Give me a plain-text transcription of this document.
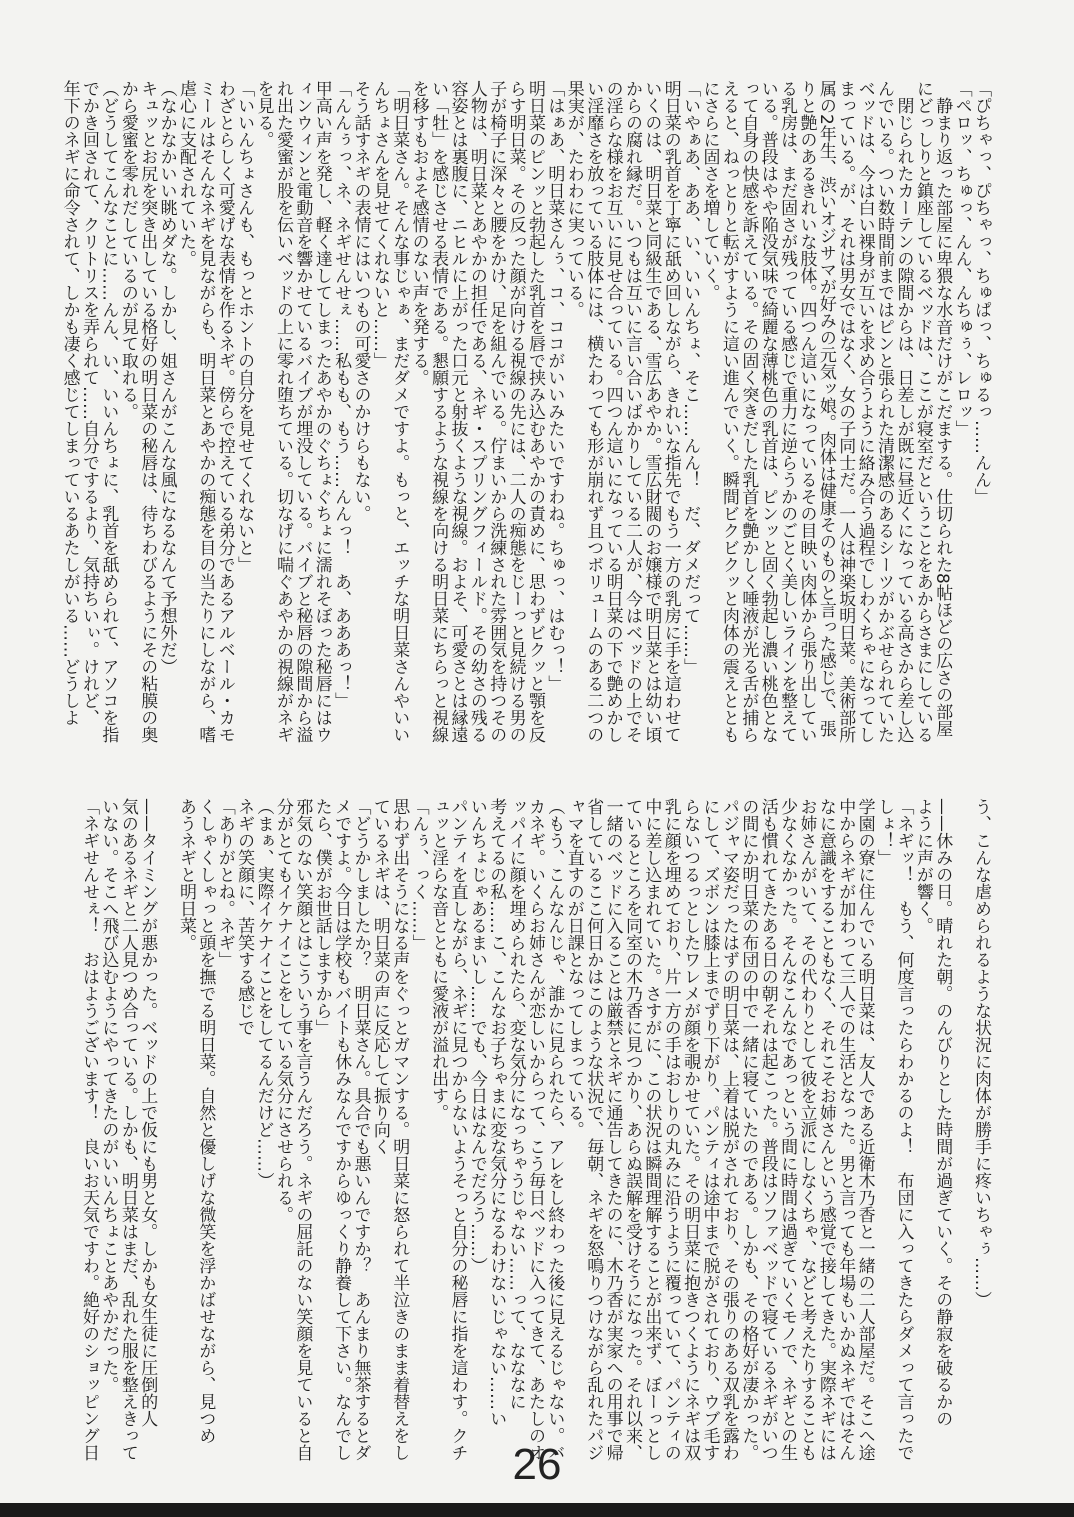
「ぴちゃっ、ぴちゃっ、ちゅぱっ、ちゅるっ……んん」
「ペロッ、ちゅっ、んん、んちゅぅ、レロッ」
　静まり返った部屋に卑猥な水音だけがこだまする。仕切られた8帖ほどの広さの部屋
にどっしりと鎮座しているベッドは、ここが寝室だということをあからさまにしている
　閉じられたカーテンの隙間からは、日差しが既に昼近くになっている高さから差し込
んでいる。つい数時間前まではピンと張られた清潔感のあるシーツがかぶせられていた
ベッドは、今は白い裸身が互いを求め合うように絡み合う過程でしわくちゃになってし
まっている。が、それは男女ではなく、女の子同士だ。一人は神楽坂明日菜。美術部所
属の2年生、渋いオジサマが好みの元気ッ娘。肉体は健康そのものと言った感じで、張
りと艶のあるきれいな肢体。四つん這いになっているその目映い肉体から張り出してい
る乳房は、まだ固さが残っている感じで重力に逆らうかのごとく美しいラインを整えて
いる。普段はやや陥没気味で綺麗な薄桃色の乳首は、ピンッと固く勃起し濃い桃色とな
って自身の快感を訴えている。その固く突きだした乳首を艶かしく唾液が光る舌が捕ら
えると、ねっとりと転がすように這い進んでいく。瞬間ビクビクッと肉体の震えととも
にさらに固さを増していく。
「いやぁあ、ああ、い、いいんちょ、そこ……んん！　だ、ダメだって……」
明日菜の乳首を丁寧に舐め回しながら、きれいな指先でもう一方の乳房に手を這わせて
いくのは、明日菜と同級生である、雪広あやか。雪広財閥のお嬢様で明日菜とは幼い頃
からの腐れ縁だ。いつもは互いに言い合いばかりしている二人が、今はベッドの上でそ
の淫らな様をお互いに見せ合っている。四つん這いになっている明日菜の下で艶めかし
い淫靡さを放っている肢体には、横たわっても形が崩れず且つボリュームのある二つの
果実が、たわわに実っている。
「はぁあ、明日菜さんぅ、コ、ココがいいみたいですわね。ちゅっ、はむっ！」
明日菜のピンッと勃起した乳首を唇で挟み込むあやかの責めに、思わずビクッと顎を反
らす明日菜。その反った顔が向ける視線の先には、二人の痴態をじーっと見続ける男の
子が椅子に深々と腰をかけ、足を組んでいる。佇まいから洗練された雰囲気を持つその
人物は、明日菜とあやかの担任である、ネギ・スプリングフィールド。その幼さの残る
容姿とは裏腹に、ニヒルに上がった口元と射抜くような視線。およそ、可愛さとは縁遠
い「牡」を感じさせる表情である。懇願するような視線を向ける明日菜にちらっと視線
を移すもおよそ感情のない声を発する。
「明日菜さん。そんな事じゃぁ、まだダメですよ。もっと、エッチな明日菜さんやいい
んちょさんを見せてくれないと……」
そう話すネギの表情にはいつもの可愛さのかけらもない。
「んんぅっ、ネ、ネギせんせぇ……私もも、もう……んんっ！　あ、あああっ！」
甲高い声を発し、軽く達してしまったあやかのぐちょぐちょに濡れそぼった秘唇にはウ
ィンウィンと電動音を響かせているバイブが埋没している。バイブと秘唇の隙間から溢
れ出た愛蜜が股を伝いベッドの上に零れ堕ちている。切なげに喘ぐあやかの視線がネギ
を見る。
「いいんちょさんも、もっとホントの自分を見せてくれないと」
わざとらしく可愛げな表情を作るネギ。傍らで控えている弟分であるアルベール・カモ
ミールはそんなネギを見ながらも、明日菜とあやかの痴態を目の当たりにしながら、嗜
虐心に支配されていた。
（なかなかいい眺めダな。しかし、姐さんがこんな風になるなんて予想外だ）
キュッとお尻を突き出している格好の明日菜の秘唇は、待ちわびるようにその粘膜の奥
から愛蜜を零れだしているのが見て取れる。
（どうしてこんなことに……んん、い、いいんちょに、乳首を舐められて、アソコを指
でかき回されて、クリトリスを弄られて……自分でするより、気持ちいぃ。けれど、
年下のネギに命令されて、しかも凄く感じてしまっているあたしがいる……どうしよ
う、こんな虐められるような状況に肉体が勝手に疼いちゃぅ……）
——休みの日。晴れた朝。のんびりとした時間が過ぎていく。その静寂を破るかの
ように声が響く。
「ネギッ！　もう、何度言ったらわかるのよ！　布団に入ってきたらダメって言ったで
しょ！」
学園の寮に住んでいる明日菜は、友人である近衛木乃香と一緒の二人部屋だ。そこへ途
中からネギが加わって三人での生活となった。男と言っても年場もいかぬネギではそん
なに意識をすることもなく、それこそお姉さんという感覚で接してきた。実際ネギには
お姉さんがいて、その代わりとして彼を立派にしなくちゃ、などと考えたりすることも
少なくなかった。そんなこんなであっという間に時間は過ぎていくモノで、ネギとの生
活も慣れてきたある日の朝それは起こった。普段はソファベッドで寝ているネギがいつ
の間にか明日菜の布団の中で一緒に寝ていたのである。しかも、その格好が凄かった。
パジャマ姿だったはずの明日菜は、上着は脱がされており、その張りのある双乳を露わ
にして、ズボンは膝上までずり下がり、パンティは途中まで脱がされており、ウブ毛す
らないつるっとしたワレメが顔を覗かせていた。その明日菜に抱きつくようにネギは双
乳に顔を埋めており、片一方の手はおしりの丸みに沿うように覆っていて、パンティの
中に差し込まれていた。さすがに、この状況は瞬間理解することが出来ず、ぼーっとし
ているところを同室の木乃香に見つかり、あらぬ誤解を受けそうになった。それ以来、
一緒のベッドに入ることは厳禁とネギに通告してきたのに、木乃香が実家への用事で帰
省しているここ何日かはこのような状況で、毎朝、ネギを怒鳴りつけながら乱れたパジ
ャマを直すのが日課となってしまっている。
（もう、こんなんじゃ、誰かに見られたら、アレをし終わった後に見えるじゃない。バ
カネギ。いくらお姉さんが恋しいからって、こう毎日ベッドに入ってきて、あたしのオ
ッパイに顔を埋められたら、変な気分になっちゃうじゃない……って、なななに
考えてるの私……こ、こんなお子ちゃまに変な気分になるわけないじゃない……い
いんちょじゃあるまいし……でも、今日はなんでだろう……）
パンティを直しながら、ネギに見つからないようそっと自分の秘唇に指を這わす。クチ
ュッと淫らな音とともに愛液が溢れ出す。
「んぅ、っく……」
思わず出そうになる声をぐっとガマンする。明日菜に怒られて半泣きのまま着替えをし
ているネギは、明日菜の声に反応して振り向く
「どうかしましたか？　明日菜さん。具合でも悪いんですか？　あんまり無茶するとダ
メですよ。今日は学校もバイトも休みなんですからゆっくり静養して下さい。なんでし
たら、僕がお世話しますから」
邪気のない笑顔とはこういう事を言うんだろう。ネギの屈託のない笑顔を見ていると自
分がとてもイケナイことをしている気分にさせられる。
（まぁ、実際イケナイことをしてるんだけど……）
ネギの笑顔に、苦笑する感じで
「ありがとね。ネギ」
くしゃくしゃっと頭を撫でる明日菜。自然と優しげな微笑を浮かばせながら、見つめ
あうネギと明日菜。
——タイミングが悪かった。ベッドの上で仮にも男と女。しかも女生徒に圧倒的人
気のあるネギと二人見つめ合っている。しかも、明日菜はまだ、乱れた服を整えきって
いない。そこへ飛び込むようにやってきたのがいいんちょことあやかだった。
「ネギせんせぇ！　おはようございます！　良いお天気ですわ。絶好のショッピング日
26
